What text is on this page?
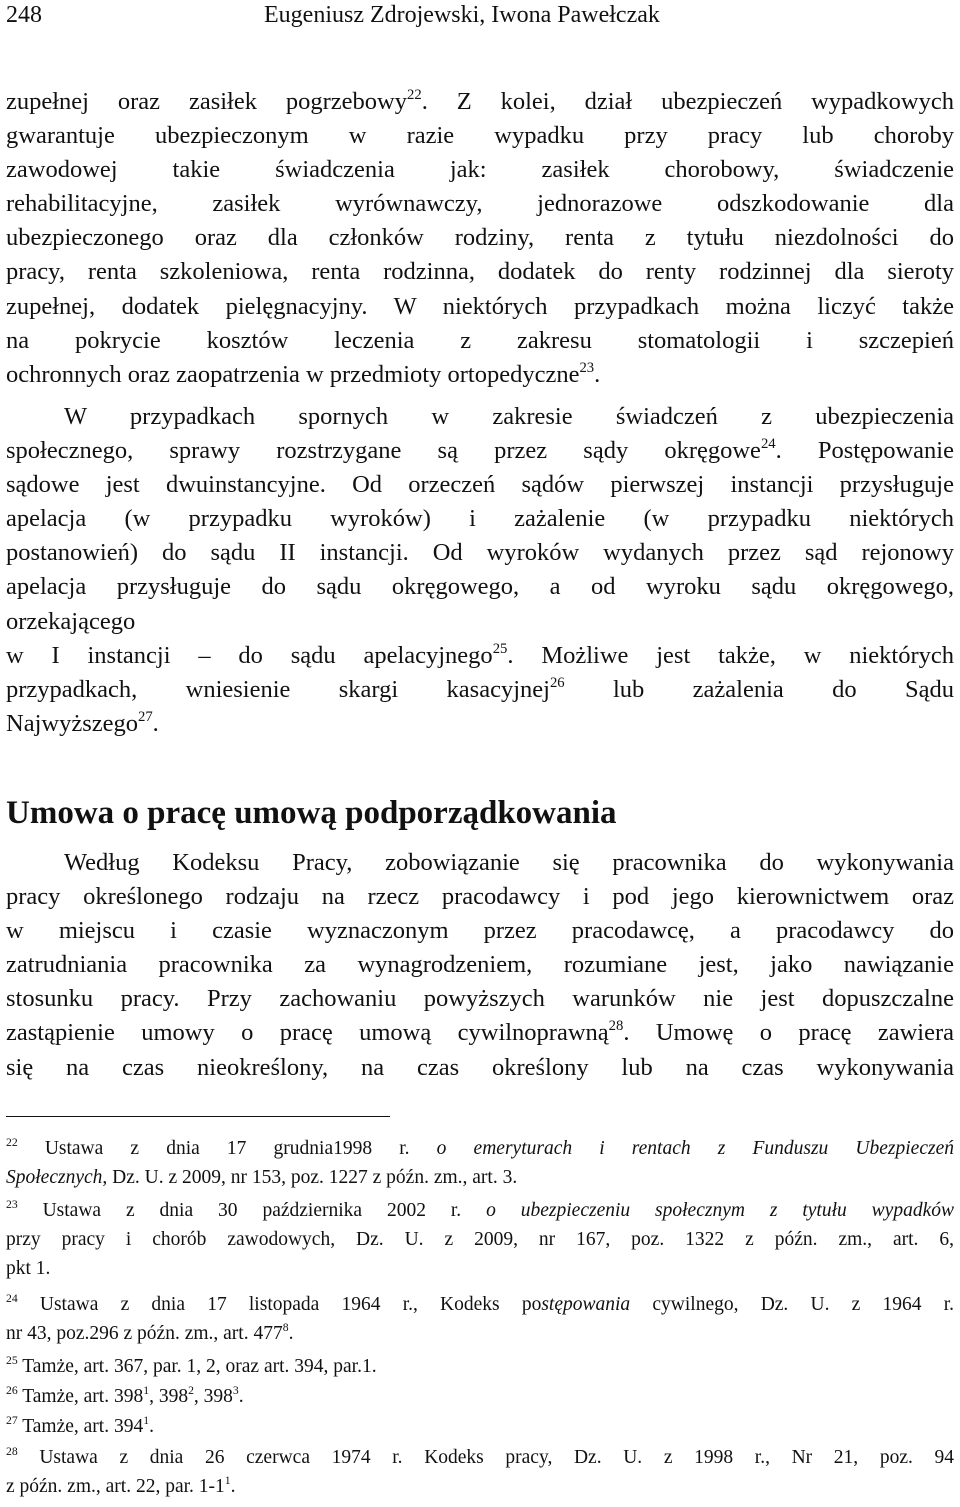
248	Eugeniusz Zdrojewski, Iwona Pawełczak
zupełnej oraz zasiłek pogrzebowy$^{22}$. Z kolei, dział ubezpieczeń wypadkowych
gwarantuje ubezpieczonym w razie wypadku przy pracy lub choroby
zawodowej takie świadczenia jak: zasiłek chorobowy, świadczenie
rehabilitacyjne, zasiłek wyrównawczy, jednorazowe odszkodowanie dla
ubezpieczonego oraz dla członków rodziny, renta z tytułu niezdolności do
pracy, renta szkoleniowa, renta rodzinna, dodatek do renty rodzinnej dla sieroty
zupełnej, dodatek pielęgnacyjny. W niektórych przypadkach można liczyć także
na pokrycie kosztów leczenia z zakresu stomatologii i szczepień
ochronnych oraz zaopatrzenia w przedmioty ortopedyczne$^{23}$.
W przypadkach spornych w zakresie świadczeń z ubezpieczenia
społecznego, sprawy rozstrzygane są przez sądy okręgowe$^{24}$. Postępowanie
sądowe jest dwuinstancyjne. Od orzeczeń sądów pierwszej instancji przysługuje
apelacja (w przypadku wyroków) i zażalenie (w przypadku niektórych
postanowień) do sądu II instancji. Od wyroków wydanych przez sąd rejonowy
apelacja przysługuje do sądu okręgowego, a od wyroku sądu okręgowego,
orzekającego
w I instancji – do sądu apelacyjnego$^{25}$. Możliwe jest także, w niektórych
przypadkach, wniesienie skargi kasacyjnej$^{26}$ lub zażalenia do Sądu
Najwyższego$^{27}$.
Umowa o pracę umową podporządkowania
Według Kodeksu Pracy, zobowiązanie się pracownika do wykonywania
pracy określonego rodzaju na rzecz pracodawcy i pod jego kierownictwem oraz
w miejscu i czasie wyznaczonym przez pracodawcę, a pracodawcy do
zatrudniania pracownika za wynagrodzeniem, rozumiane jest, jako nawiązanie
stosunku pracy. Przy zachowaniu powyższych warunków nie jest dopuszczalne
zastąpienie umowy o pracę umową cywilnoprawną$^{28}$. Umowę o pracę zawiera
się na czas nieokreślony, na czas określony lub na czas wykonywania
$^{22}$ Ustawa z dnia 17 grudnia1998 r. o emeryturach i rentach z Funduszu Ubezpieczeń
Społecznych, Dz. U. z 2009, nr 153, poz. 1227 z późn. zm., art. 3.
$^{23}$ Ustawa z dnia 30 października 2002 r. o ubezpieczeniu społecznym z tytułu wypadków
przy pracy i chorób zawodowych, Dz. U. z 2009, nr 167, poz. 1322 z późn. zm., art. 6,
pkt 1.
$^{24}$ Ustawa z dnia 17 listopada 1964 r., Kodeks postępowania cywilnego, Dz. U. z 1964 r.
nr 43, poz.296 z późn. zm., art. $477^8$.
$^{25}$ Tamże, art. 367, par. 1, 2, oraz art. 394, par.1.
$^{26}$ Tamże, art. $398^1$, $398^2$, $398^3$.
$^{27}$ Tamże, art. $394^1$.
$^{28}$ Ustawa z dnia 26 czerwca 1974 r. Kodeks pracy, Dz. U. z 1998 r., Nr 21, poz. 94
z późn. zm., art. 22, par. $1-1^1$.
